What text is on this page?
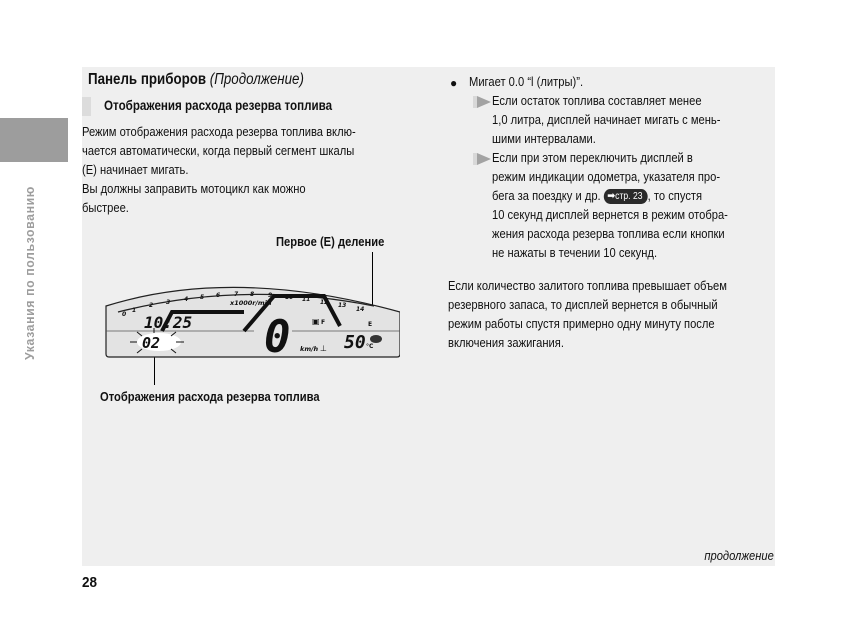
Указания по пользованию
Панель приборов (Продолжение)
Отображения расхода резерва топлива
Режим отображения расхода резерва топлива вклю-
чается автоматически, когда первый сегмент шкалы
(E) начинает мигать.
Вы должны заправить мотоцикл как можно
быстрее.
Первое (E) деление
Отображения расхода резерва топлива
0
1
2 3 4 5 6 7 8 9 10 11 12 13
14
x1000r/min
10:25 0 km/h ⊥ 50 °C
▣ F	E
02
● Мигает 0.0 “l (литры)”.
Если остаток топлива составляет менее
1,0 литра, дисплей начинает мигать с мень-
шими интервалами.
Если при этом переключить дисплей в
режим индикации одометра, указателя про-
бега за поездку и др. ➡стр. 23 , то спустя
10 секунд дисплей вернется в режим отобра-
жения расхода резерва топлива если кнопки
не нажаты в течении 10 секунд.
Если количество залитого топлива превышает объем
резервного запаса, то дисплей вернется в обычный
режим работы спустя примерно одну минуту после
включения зажигания.
продолжение
28
